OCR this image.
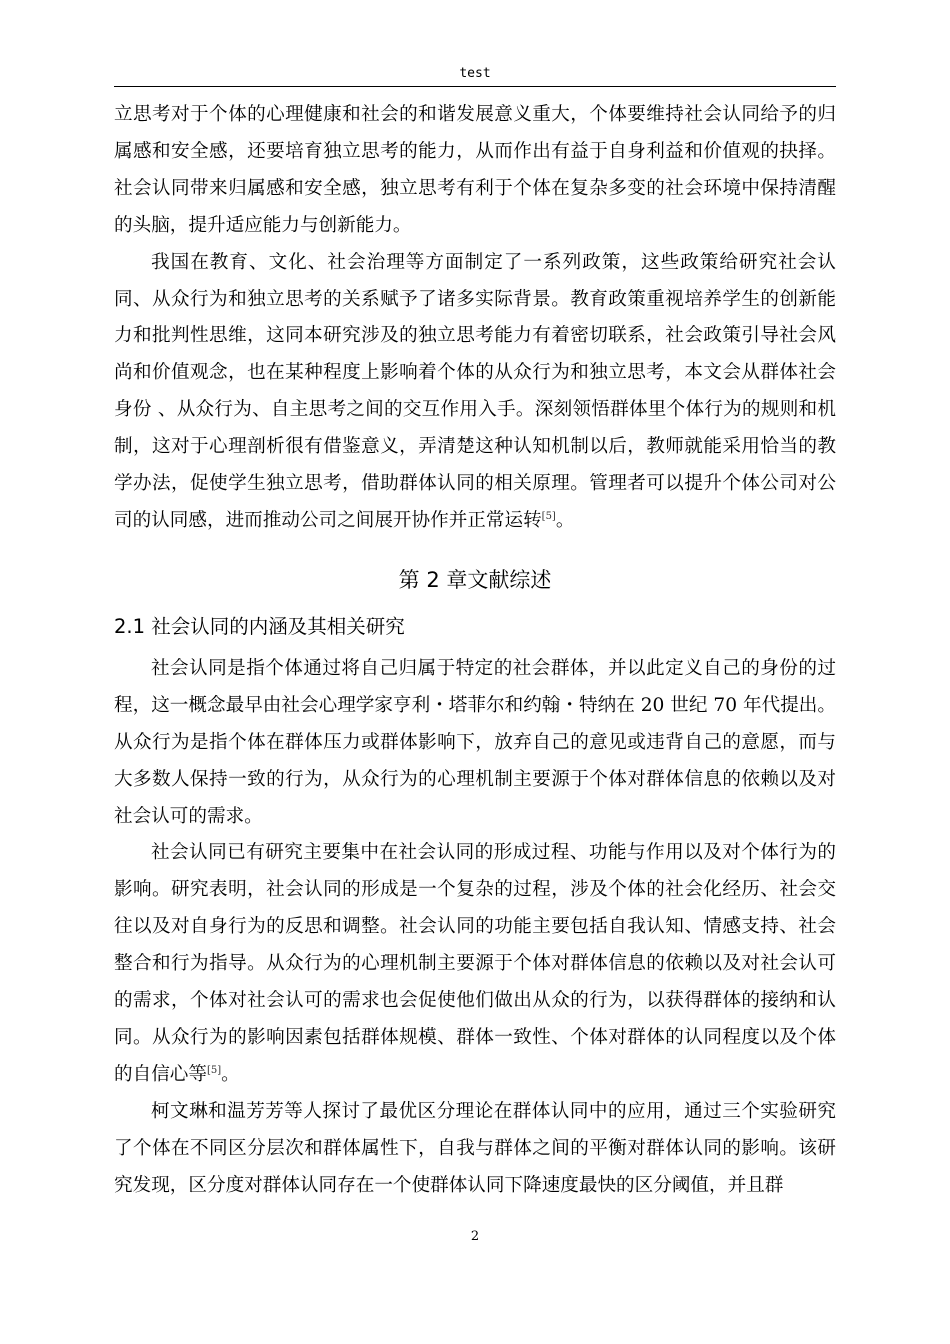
test

立思考对于个体的心理健康和社会的和谐发展意义重大，个体要维持社会认同给予的归属感和安全感，还要培育独立思考的能力，从而作出有益于自身利益和价值观的抉择。社会认同带来归属感和安全感，独立思考有利于个体在复杂多变的社会环境中保持清醒的头脑，提升适应能力与创新能力。

我国在教育、文化、社会治理等方面制定了一系列政策，这些政策给研究社会认同、从众行为和独立思考的关系赋予了诸多实际背景。教育政策重视培养学生的创新能力和批判性思维，这同本研究涉及的独立思考能力有着密切联系，社会政策引导社会风尚和价值观念，也在某种程度上影响着个体的从众行为和独立思考，本文会从群体社会身份 、从众行为、自主思考之间的交互作用入手。深刻领悟群体里个体行为的规则和机制，这对于心理剖析很有借鉴意义，弄清楚这种认知机制以后，教师就能采用恰当的教学办法，促使学生独立思考，借助群体认同的相关原理。管理者可以提升个体公司对公司的认同感，进而推动公司之间展开协作并正常运转[5]。

第 2 章文献综述
2.1 社会认同的内涵及其相关研究

社会认同是指个体通过将自己归属于特定的社会群体，并以此定义自己的身份的过程，这一概念最早由社会心理学家亨利・塔菲尔和约翰・特纳在 20 世纪 70 年代提出。从众行为是指个体在群体压力或群体影响下，放弃自己的意见或违背自己的意愿，而与大多数人保持一致的行为，从众行为的心理机制主要源于个体对群体信息的依赖以及对社会认可的需求。

社会认同已有研究主要集中在社会认同的形成过程、功能与作用以及对个体行为的影响。研究表明，社会认同的形成是一个复杂的过程，涉及个体的社会化经历、社会交往以及对自身行为的反思和调整。社会认同的功能主要包括自我认知、情感支持、社会整合和行为指导。从众行为的心理机制主要源于个体对群体信息的依赖以及对社会认可的需求，个体对社会认可的需求也会促使他们做出从众的行为，以获得群体的接纳和认同。从众行为的影响因素包括群体规模、群体一致性、个体对群体的认同程度以及个体的自信心等[5]。

柯文琳和温芳芳等人探讨了最优区分理论在群体认同中的应用，通过三个实验研究了个体在不同区分层次和群体属性下，自我与群体之间的平衡对群体认同的影响。该研究发现，区分度对群体认同存在一个使群体认同下降速度最快的区分阈值，并且群

2
